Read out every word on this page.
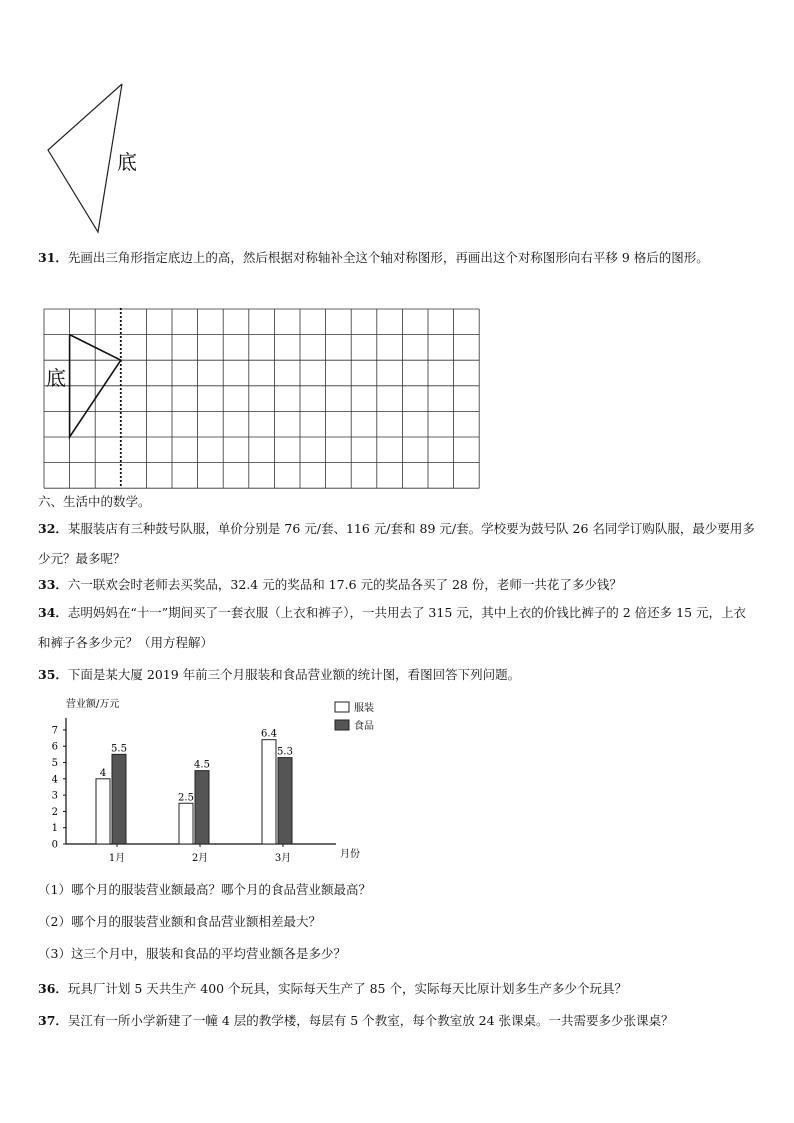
底
31．先画出三角形指定底边上的高，然后根据对称轴补全这个轴对称图形，再画出这个对称图形向右平移 9 格后的图形。
底
六、生活中的数学。
32．某服装店有三种鼓号队服，单价分别是 76 元/套、116 元/套和 89 元/套。学校要为鼓号队 26 名同学订购队服，最少要用多少元？最多呢？
33．六一联欢会时老师去买奖品，32.4 元的奖品和 17.6 元的奖品各买了 28 份，老师一共花了多少钱？
34．志明妈妈在“十一”期间买了一套衣服（上衣和裤子），一共用去了 315 元，其中上衣的价钱比裤子的 2 倍还多 15 元，上衣和裤子各多少元？（用方程解）
35．下面是某大厦 2019 年前三个月服装和食品营业额的统计图，看图回答下列问题。
营业额/万元
月份
服装
食品
0
1
2
3
4
5
6
7
1月
4
5.5
2月
2.5
4.5
3月
6.4
5.3
（1）哪个月的服装营业额最高？哪个月的食品营业额最高？
（2）哪个月的服装营业额和食品营业额相差最大？
（3）这三个月中，服装和食品的平均营业额各是多少？
36．玩具厂计划 5 天共生产 400 个玩具，实际每天生产了 85 个，实际每天比原计划多生产多少个玩具？
37．吴江有一所小学新建了一幢 4 层的教学楼，每层有 5 个教室，每个教室放 24 张课桌。一共需要多少张课桌？
